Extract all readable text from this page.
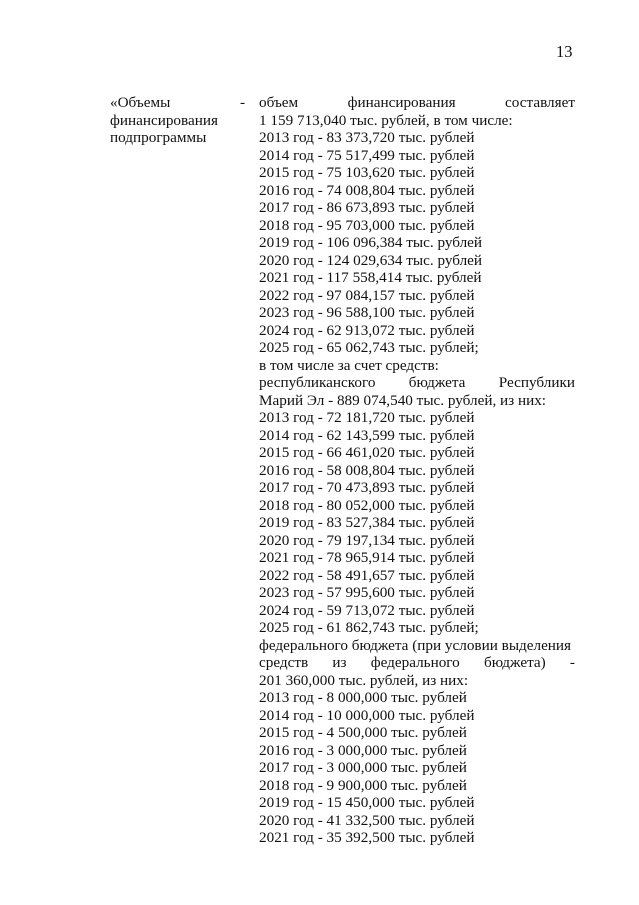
13
«Объемы
финансирования
подпрограммы
- объем	финансирования	составляет
1 159 713,040 тыс. рублей, в том числе:
2013 год - 83 373,720 тыс. рублей
2014 год - 75 517,499 тыс. рублей
2015 год - 75 103,620 тыс. рублей
2016 год - 74 008,804 тыс. рублей
2017 год - 86 673,893 тыс. рублей
2018 год - 95 703,000 тыс. рублей
2019 год - 106 096,384 тыс. рублей
2020 год - 124 029,634 тыс. рублей
2021 год - 117 558,414 тыс. рублей
2022 год - 97 084,157 тыс. рублей
2023 год - 96 588,100 тыс. рублей
2024 год - 62 913,072 тыс. рублей
2025 год - 65 062,743 тыс. рублей;
в том числе за счет средств:
республиканского бюджета Республики
Марий Эл - 889 074,540 тыс. рублей, из них:
2013 год - 72 181,720 тыс. рублей
2014 год - 62 143,599 тыс. рублей
2015 год - 66 461,020 тыс. рублей
2016 год - 58 008,804 тыс. рублей
2017 год - 70 473,893 тыс. рублей
2018 год - 80 052,000 тыс. рублей
2019 год - 83 527,384 тыс. рублей
2020 год - 79 197,134 тыс. рублей
2021 год - 78 965,914 тыс. рублей
2022 год - 58 491,657 тыс. рублей
2023 год - 57 995,600 тыс. рублей
2024 год - 59 713,072 тыс. рублей
2025 год - 61 862,743 тыс. рублей;
федерального бюджета (при условии выделения
средств из федерального бюджета) -
201 360,000 тыс. рублей, из них:
2013 год - 8 000,000 тыс. рублей
2014 год - 10 000,000 тыс. рублей
2015 год - 4 500,000 тыс. рублей
2016 год - 3 000,000 тыс. рублей
2017 год - 3 000,000 тыс. рублей
2018 год - 9 900,000 тыс. рублей
2019 год - 15 450,000 тыс. рублей
2020 год - 41 332,500 тыс. рублей
2021 год - 35 392,500 тыс. рублей
